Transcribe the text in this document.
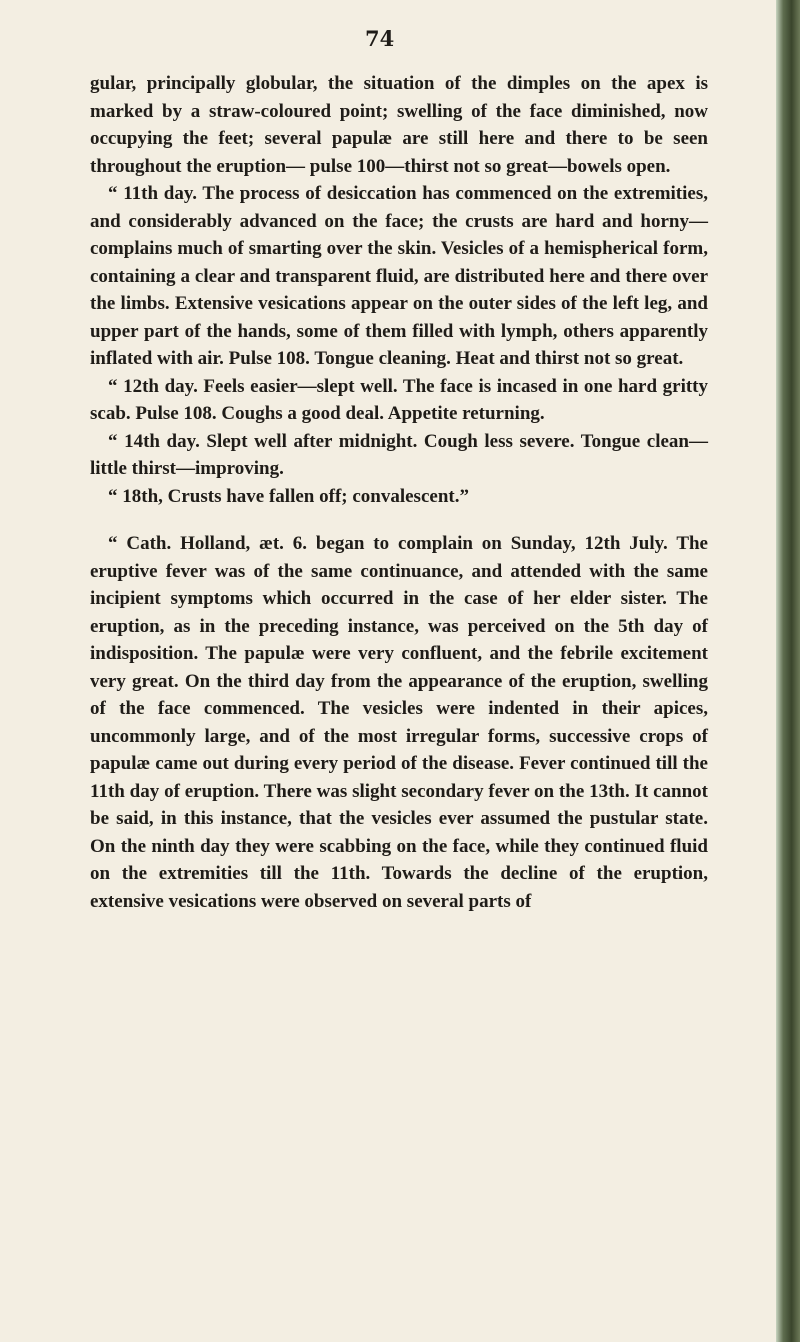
74

gular, principally globular, the situation of the dimples on the apex is marked by a straw-coloured point; swelling of the face diminished, now occupying the feet; several papulæ are still here and there to be seen throughout the eruption— pulse 100—thirst not so great—bowels open.

“ 11th day. The process of desiccation has commenced on the extremities, and considerably advanced on the face; the crusts are hard and horny—complains much of smarting over the skin. Vesicles of a hemispherical form, containing a clear and transparent fluid, are distributed here and there over the limbs. Extensive vesications appear on the outer sides of the left leg, and upper part of the hands, some of them filled with lymph, others apparently inflated with air. Pulse 108. Tongue cleaning. Heat and thirst not so great.

“ 12th day. Feels easier—slept well. The face is incased in one hard gritty scab. Pulse 108. Coughs a good deal. Appetite returning.

“ 14th day. Slept well after midnight. Cough less severe. Tongue clean—little thirst—improving.

“ 18th, Crusts have fallen off; convalescent.”

“ Cath. Holland, æt. 6. began to complain on Sunday, 12th July. The eruptive fever was of the same continuance, and attended with the same incipient symptoms which occurred in the case of her elder sister. The eruption, as in the preceding instance, was perceived on the 5th day of indisposition. The papulæ were very confluent, and the febrile excitement very great. On the third day from the appearance of the eruption, swelling of the face commenced. The vesicles were indented in their apices, uncommonly large, and of the most irregular forms, successive crops of papulæ came out during every period of the disease. Fever continued till the 11th day of eruption. There was slight secondary fever on the 13th. It cannot be said, in this instance, that the vesicles ever assumed the pustular state. On the ninth day they were scabbing on the face, while they continued fluid on the extremities till the 11th. Towards the decline of the eruption, extensive vesications were observed on several parts of
